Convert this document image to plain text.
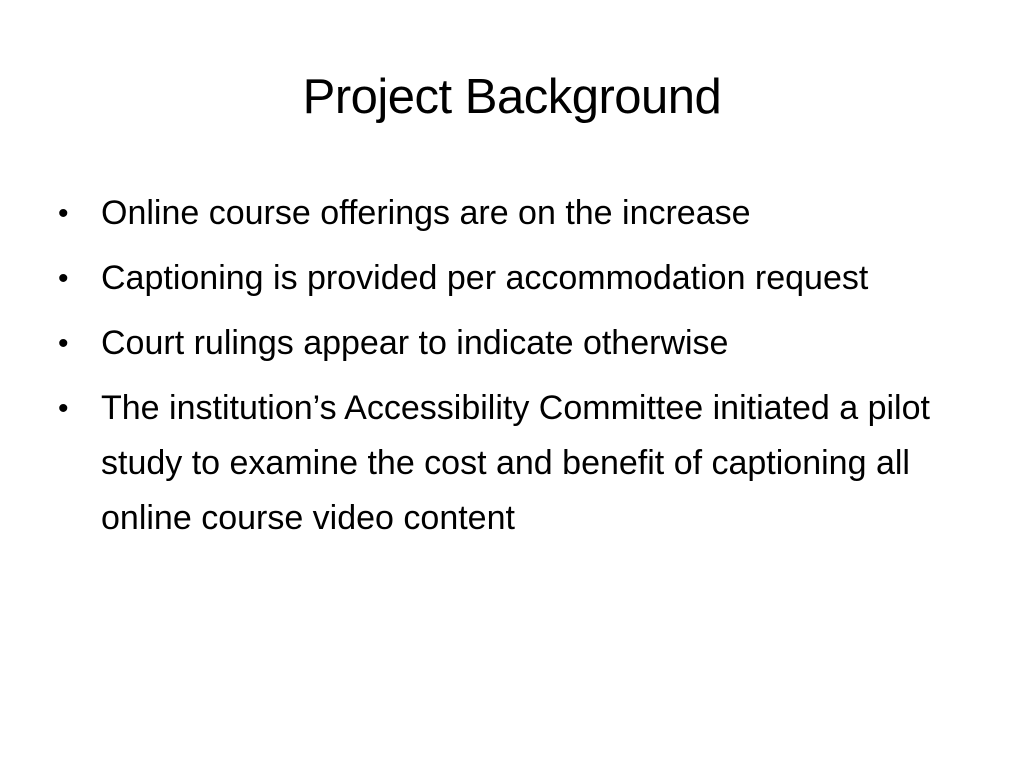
Project Background
• Online course offerings are on the increase
• Captioning is provided per accommodation request
• Court rulings appear to indicate otherwise
• The institution’s Accessibility Committee initiated a pilot study to examine the cost and benefit of captioning all online course video content
